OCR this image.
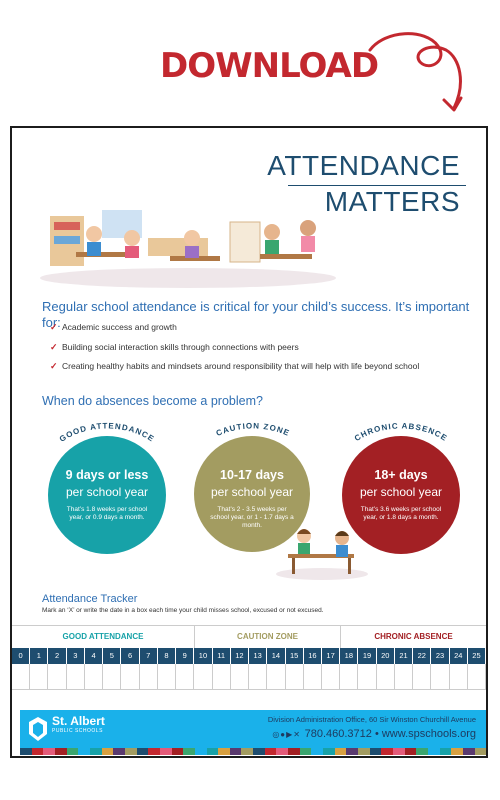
DOWNLOAD
ATTENDANCE
MATTERS
Regular school attendance is critical for your child’s success. It’s important for:
✓ Academic success and growth
✓ Building social interaction skills through connections with peers
✓ Creating healthy habits and mindsets around responsibility that will help with life beyond school
When do absences become a problem?
GOOD ATTENDANCE
CAUTION ZONE	CHRONIC ABSENCE
9 days or less
per school year
That’s 1.8 weeks per school year, or 0.9 days a month.
10-17 days
per school year
That’s 2 - 3.5 weeks per school year, or 1 - 1.7 days a month.
18+ days
per school year
That’s 3.6 weeks per school year, or 1.8 days a month.
Attendance Tracker
Mark an ‘X’ or write the date in a box each time your child misses school, excused or not excused.
GOOD ATTENDANCE	CAUTION ZONE	CHRONIC ABSENCE
0	1	2	3	4	5	6	7	8	9	10	11	12	13	14	15	16	17	18	19	20	21	22	23	24	25
St. Albert
PUBLIC SCHOOLS
Division Administration Office, 60 Sir Winston Churchill Avenue
◎●▶✕ 780.460.3712 • www.spschools.org
